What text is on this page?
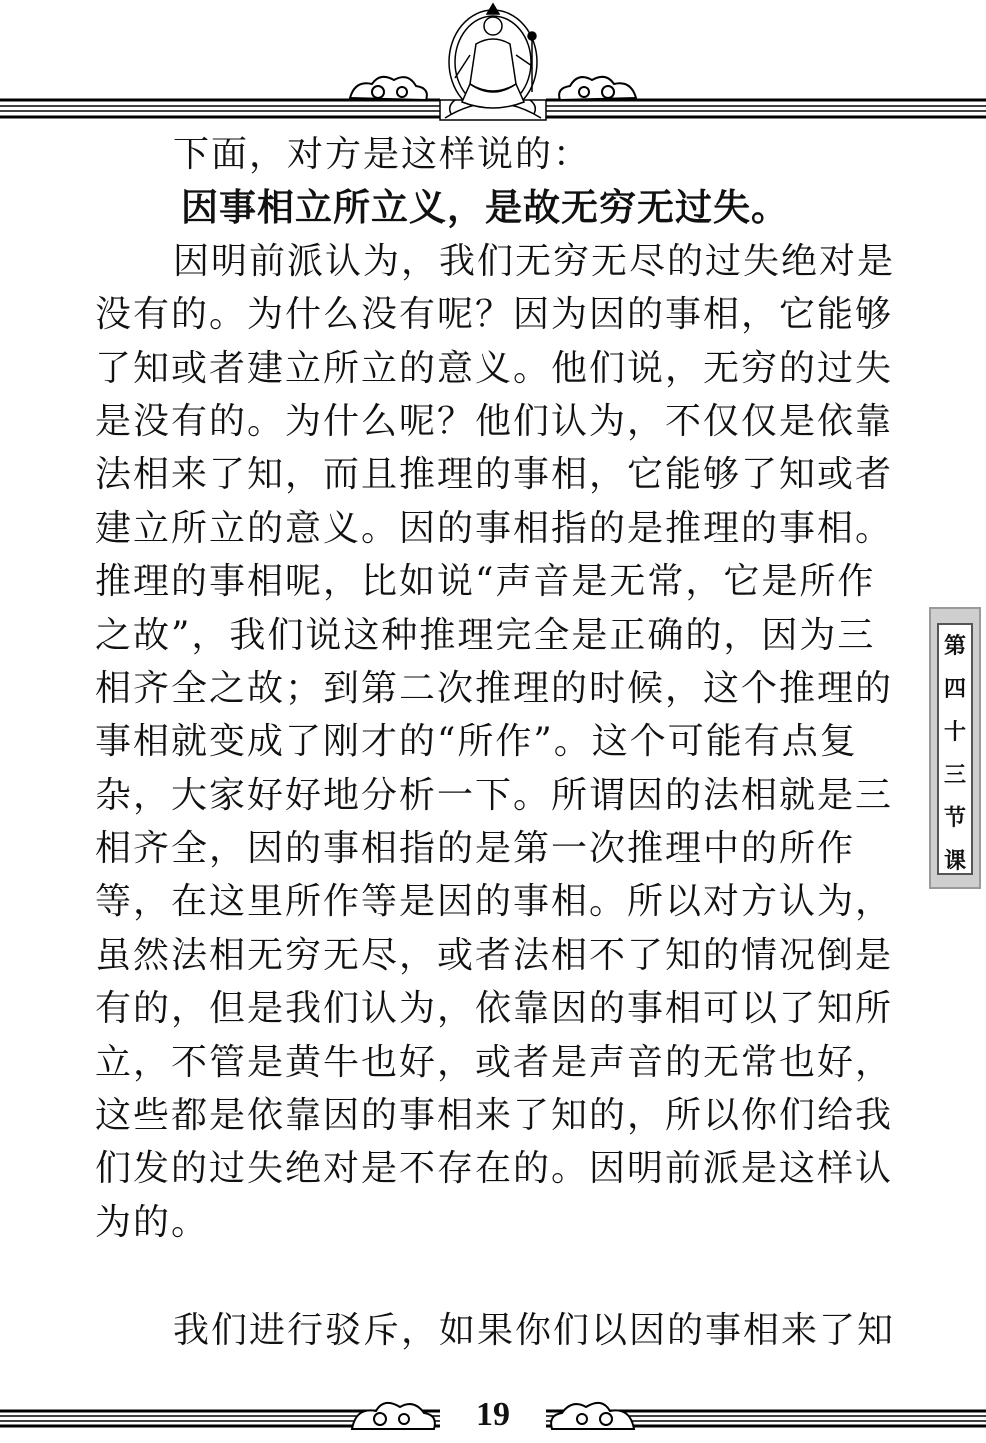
下面，对方是这样说的：
因事相立所立义，是故无穷无过失。
因明前派认为，我们无穷无尽的过失绝对是
没有的。为什么没有呢？因为因的事相，它能够
了知或者建立所立的意义。他们说，无穷的过失
是没有的。为什么呢？他们认为，不仅仅是依靠
法相来了知，而且推理的事相，它能够了知或者
建立所立的意义。因的事相指的是推理的事相。
推理的事相呢，比如说“声音是无常，它是所作
之故”，我们说这种推理完全是正确的，因为三
相齐全之故；到第二次推理的时候，这个推理的
事相就变成了刚才的“所作”。这个可能有点复
杂，大家好好地分析一下。所谓因的法相就是三
相齐全，因的事相指的是第一次推理中的所作
等，在这里所作等是因的事相。所以对方认为，
虽然法相无穷无尽，或者法相不了知的情况倒是
有的，但是我们认为，依靠因的事相可以了知所
立，不管是黄牛也好，或者是声音的无常也好，
这些都是依靠因的事相来了知的，所以你们给我
们发的过失绝对是不存在的。因明前派是这样认
为的。
我们进行驳斥，如果你们以因的事相来了知
第
四
十
三
节
课
19
